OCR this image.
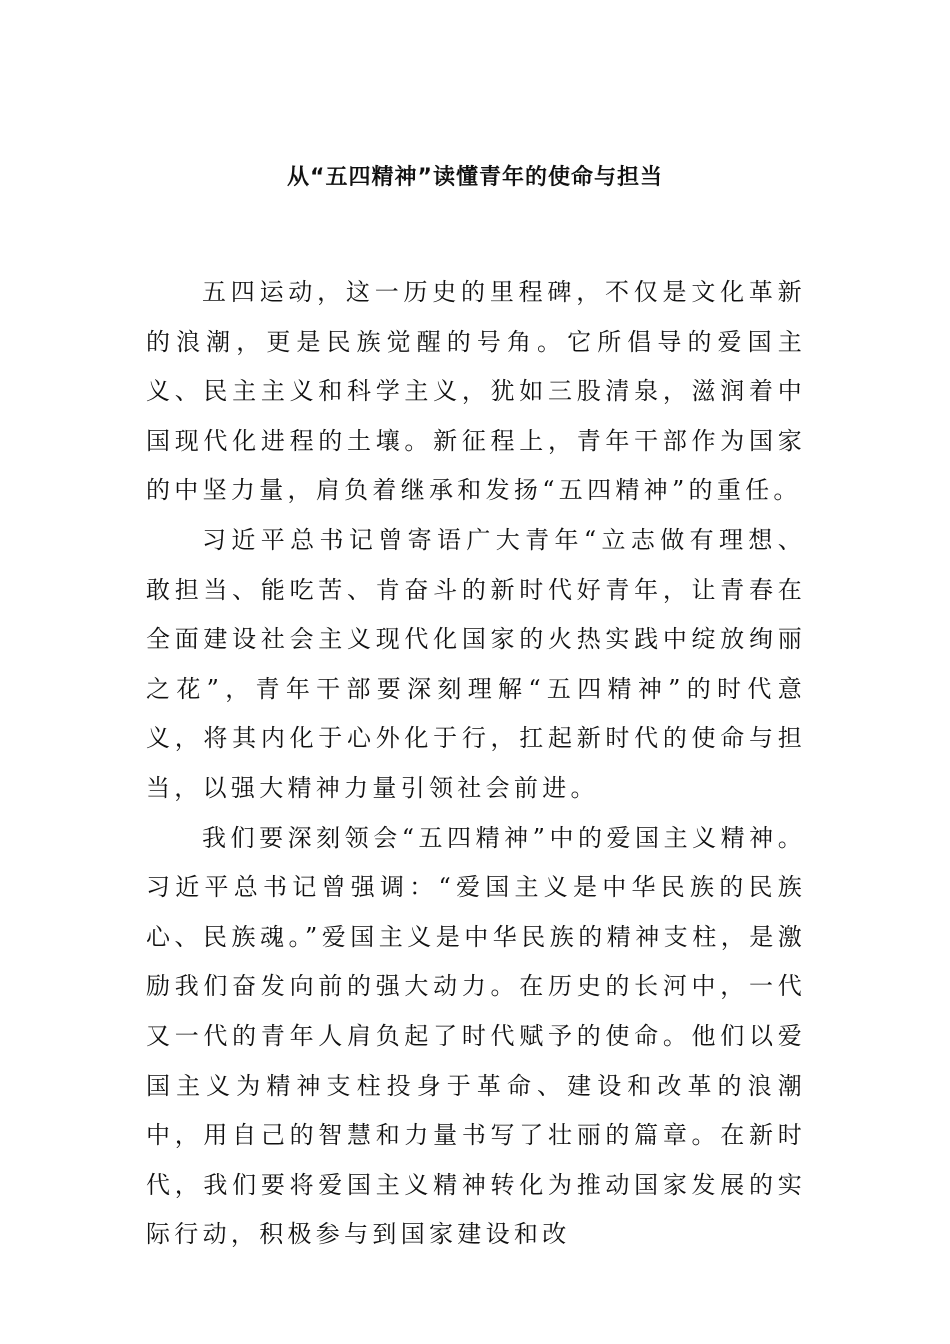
从“五四精神”读懂青年的使命与担当

五四运动，这一历史的里程碑，不仅是文化革新的浪潮，更是民族觉醒的号角。它所倡导的爱国主义、民主主义和科学主义，犹如三股清泉，滋润着中国现代化进程的土壤。新征程上，青年干部作为国家的中坚力量，肩负着继承和发扬“五四精神”的重任。

习近平总书记曾寄语广大青年“立志做有理想、敢担当、能吃苦、肯奋斗的新时代好青年，让青春在全面建设社会主义现代化国家的火热实践中绽放绚丽之花”，青年干部要深刻理解“五四精神”的时代意义，将其内化于心外化于行，扛起新时代的使命与担当，以强大精神力量引领社会前进。

我们要深刻领会“五四精神”中的爱国主义精神。习近平总书记曾强调：“爱国主义是中华民族的民族心、民族魂。”爱国主义是中华民族的精神支柱，是激励我们奋发向前的强大动力。在历史的长河中，一代又一代的青年人肩负起了时代赋予的使命。他们以爱国主义为精神支柱投身于革命、建设和改革的浪潮中，用自己的智慧和力量书写了壮丽的篇章。在新时代，我们要将爱国主义精神转化为推动国家发展的实际行动，积极参与到国家建设和改
